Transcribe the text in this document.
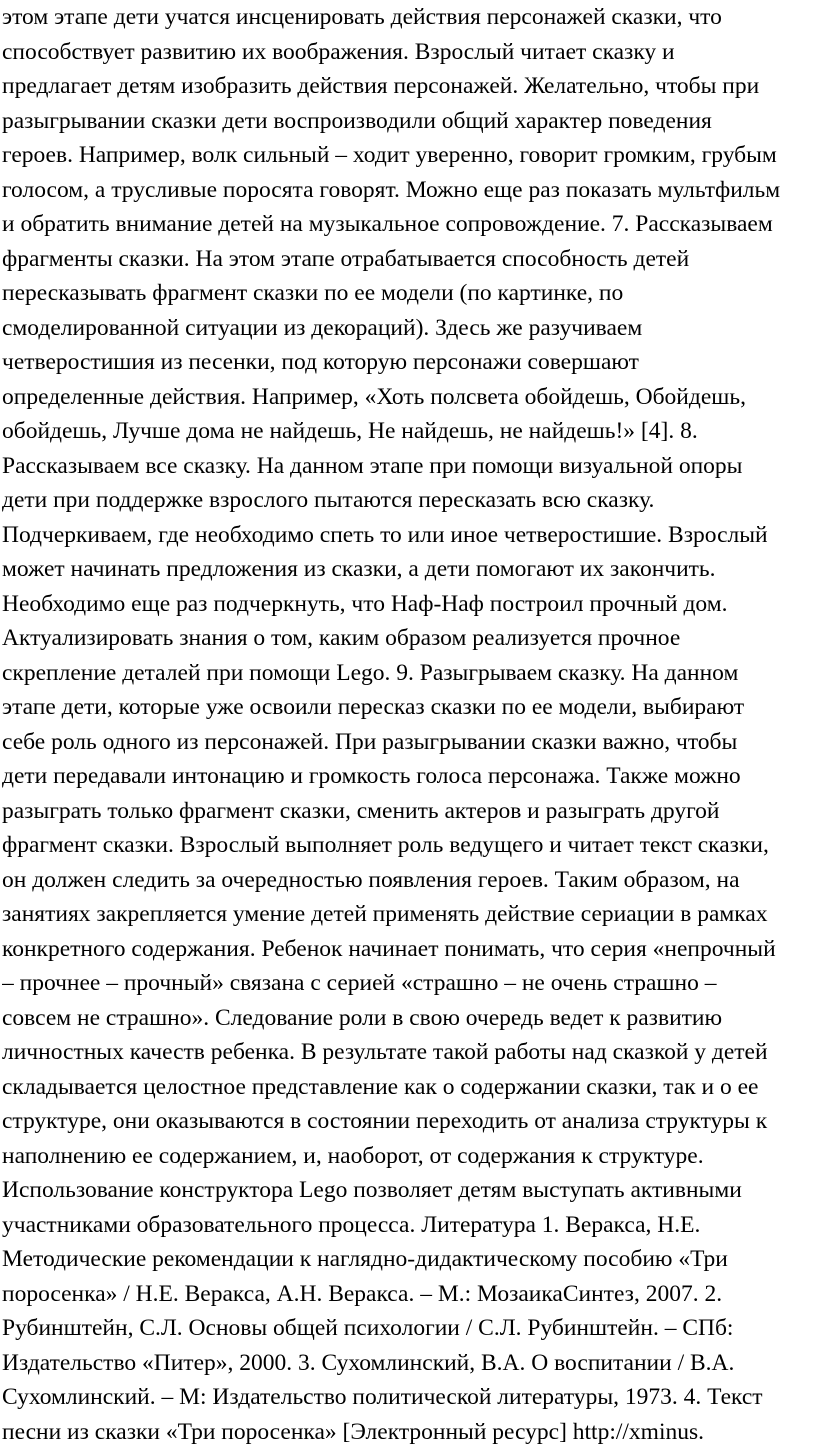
этом этапе дети учатся инсценировать действия персонажей сказки, что
способствует развитию их воображения. Взрослый читает сказку и
предлагает детям изобразить действия персонажей. Желательно, чтобы при
разыгрывании сказки дети воспроизводили общий характер поведения
героев. Например, волк сильный – ходит уверенно, говорит громким, грубым
голосом, а трусливые поросята говорят. Можно еще раз показать мультфильм
и обратить внимание детей на музыкальное сопровождение. 7. Рассказываем
фрагменты сказки. На этом этапе отрабатывается способность детей
пересказывать фрагмент сказки по ее модели (по картинке, по
смоделированной ситуации из декораций). Здесь же разучиваем
четверостишия из песенки, под которую персонажи совершают
определенные действия. Например, «Хоть полсвета обойдешь, Обойдешь,
обойдешь, Лучше дома не найдешь, Не найдешь, не найдешь!» [4]. 8.
Рассказываем все сказку. На данном этапе при помощи визуальной опоры
дети при поддержке взрослого пытаются пересказать всю сказку.
Подчеркиваем, где необходимо спеть то или иное четверостишие. Взрослый
может начинать предложения из сказки, а дети помогают их закончить.
Необходимо еще раз подчеркнуть, что Наф-Наф построил прочный дом.
Актуализировать знания о том, каким образом реализуется прочное
скрепление деталей при помощи Lego. 9. Разыгрываем сказку. На данном
этапе дети, которые уже освоили пересказ сказки по ее модели, выбирают
себе роль одного из персонажей. При разыгрывании сказки важно, чтобы
дети передавали интонацию и громкость голоса персонажа. Также можно
разыграть только фрагмент сказки, сменить актеров и разыграть другой
фрагмент сказки. Взрослый выполняет роль ведущего и читает текст сказки,
он должен следить за очередностью появления героев. Таким образом, на
занятиях закрепляется умение детей применять действие сериации в рамках
конкретного содержания. Ребенок начинает понимать, что серия «непрочный
– прочнее – прочный» связана с серией «страшно – не очень страшно –
совсем не страшно». Следование роли в свою очередь ведет к развитию
личностных качеств ребенка. В результате такой работы над сказкой у детей
складывается целостное представление как о содержании сказки, так и о ее
структуре, они оказываются в состоянии переходить от анализа структуры к
наполнению ее содержанием, и, наоборот, от содержания к структуре.
Использование конструктора Lego позволяет детям выступать активными
участниками образовательного процесса. Литература 1. Веракса, Н.Е.
Методические рекомендации к наглядно-дидактическому пособию «Три
поросенка» / Н.Е. Веракса, А.Н. Веракса. – М.: МозаикаСинтез, 2007. 2.
Рубинштейн, С.Л. Основы общей психологии / С.Л. Рубинштейн. – СПб:
Издательство «Питер», 2000. 3. Сухомлинский, В.А. О воспитании / В.А.
Сухомлинский. – М: Издательство политической литературы, 1973. 4. Текст
песни из сказки «Три поросенка» [Электронный ресурс] http://xminus.
